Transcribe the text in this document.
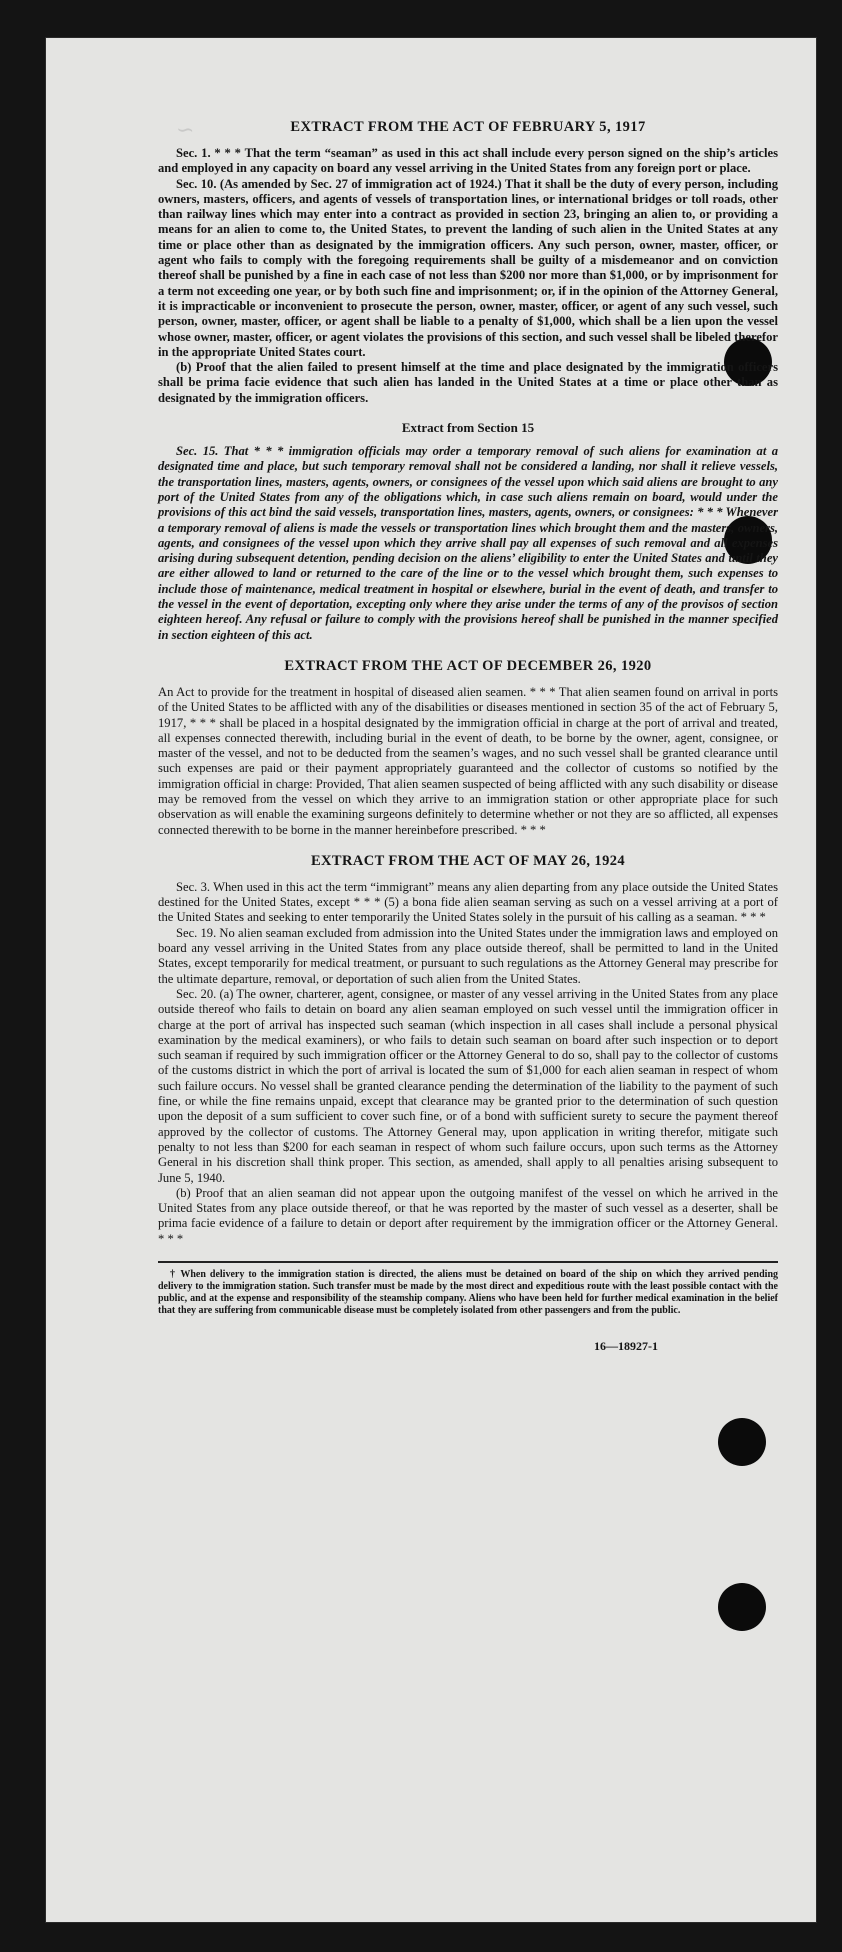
∽	EXTRACT FROM THE ACT OF FEBRUARY 5, 1917

Sec. 1. * * * That the term “seaman” as used in this act shall include every person signed on the ship’s articles and employed in any capacity on board any vessel arriving in the United States from any foreign port or place.

Sec. 10. (As amended by Sec. 27 of immigration act of 1924.) That it shall be the duty of every person, including owners, masters, officers, and agents of vessels of transportation lines, or international bridges or toll roads, other than railway lines which may enter into a contract as provided in section 23, bringing an alien to, or providing a means for an alien to come to, the United States, to prevent the landing of such alien in the United States at any time or place other than as designated by the immigration officers. Any such person, owner, master, officer, or agent who fails to comply with the foregoing requirements shall be guilty of a misdemeanor and on conviction thereof shall be punished by a fine in each case of not less than $200 nor more than $1,000, or by imprisonment for a term not exceeding one year, or by both such fine and imprisonment; or, if in the opinion of the Attorney General, it is impracticable or inconvenient to prosecute the person, owner, master, officer, or agent of any such vessel, such person, owner, master, officer, or agent shall be liable to a penalty of $1,000, which shall be a lien upon the vessel whose owner, master, officer, or agent violates the provisions of this section, and such vessel shall be libeled therefor in the appropriate United States court.

(b) Proof that the alien failed to present himself at the time and place designated by the immigration officers shall be prima facie evidence that such alien has landed in the United States at a time or place other than as designated by the immigration officers.

Extract from Section 15

Sec. 15. That * * * immigration officials may order a temporary removal of such aliens for examination at a designated time and place, but such temporary removal shall not be considered a landing, nor shall it relieve vessels, the transportation lines, masters, agents, owners, or consignees of the vessel upon which said aliens are brought to any port of the United States from any of the obligations which, in case such aliens remain on board, would under the provisions of this act bind the said vessels, transportation lines, masters, agents, owners, or consignees: * * * Whenever a temporary removal of aliens is made the vessels or transportation lines which brought them and the masters, owners, agents, and consignees of the vessel upon which they arrive shall pay all expenses of such removal and all expenses arising during subsequent detention, pending decision on the aliens’ eligibility to enter the United States and until they are either allowed to land or returned to the care of the line or to the vessel which brought them, such expenses to include those of maintenance, medical treatment in hospital or elsewhere, burial in the event of death, and transfer to the vessel in the event of deportation, excepting only where they arise under the terms of any of the provisos of section eighteen hereof. Any refusal or failure to comply with the provisions hereof shall be punished in the manner specified in section eighteen of this act.

EXTRACT FROM THE ACT OF DECEMBER 26, 1920

An Act to provide for the treatment in hospital of diseased alien seamen. * * * That alien seamen found on arrival in ports of the United States to be afflicted with any of the disabilities or diseases mentioned in section 35 of the act of February 5, 1917, * * * shall be placed in a hospital designated by the immigration official in charge at the port of arrival and treated, all expenses connected therewith, including burial in the event of death, to be borne by the owner, agent, consignee, or master of the vessel, and not to be deducted from the seamen’s wages, and no such vessel shall be granted clearance until such expenses are paid or their payment appropriately guaranteed and the collector of customs so notified by the immigration official in charge: Provided, That alien seamen suspected of being afflicted with any such disability or disease may be removed from the vessel on which they arrive to an immigration station or other appropriate place for such observation as will enable the examining surgeons definitely to determine whether or not they are so afflicted, all expenses connected therewith to be borne in the manner hereinbefore prescribed. * * *

EXTRACT FROM THE ACT OF MAY 26, 1924

Sec. 3. When used in this act the term “immigrant” means any alien departing from any place outside the United States destined for the United States, except * * * (5) a bona fide alien seaman serving as such on a vessel arriving at a port of the United States and seeking to enter temporarily the United States solely in the pursuit of his calling as a seaman. * * *

Sec. 19. No alien seaman excluded from admission into the United States under the immigration laws and employed on board any vessel arriving in the United States from any place outside thereof, shall be permitted to land in the United States, except temporarily for medical treatment, or pursuant to such regulations as the Attorney General may prescribe for the ultimate departure, removal, or deportation of such alien from the United States.

Sec. 20. (a) The owner, charterer, agent, consignee, or master of any vessel arriving in the United States from any place outside thereof who fails to detain on board any alien seaman employed on such vessel until the immigration officer in charge at the port of arrival has inspected such seaman (which inspection in all cases shall include a personal physical examination by the medical examiners), or who fails to detain such seaman on board after such inspection or to deport such seaman if required by such immigration officer or the Attorney General to do so, shall pay to the collector of customs of the customs district in which the port of arrival is located the sum of $1,000 for each alien seaman in respect of whom such failure occurs. No vessel shall be granted clearance pending the determination of the liability to the payment of such fine, or while the fine remains unpaid, except that clearance may be granted prior to the determination of such question upon the deposit of a sum sufficient to cover such fine, or of a bond with sufficient surety to secure the payment thereof approved by the collector of customs. The Attorney General may, upon application in writing therefor, mitigate such penalty to not less than $200 for each seaman in respect of whom such failure occurs, upon such terms as the Attorney General in his discretion shall think proper. This section, as amended, shall apply to all penalties arising subsequent to June 5, 1940.

(b) Proof that an alien seaman did not appear upon the outgoing manifest of the vessel on which he arrived in the United States from any place outside thereof, or that he was reported by the master of such vessel as a deserter, shall be prima facie evidence of a failure to detain or deport after requirement by the immigration officer or the Attorney General. * * *

† When delivery to the immigration station is directed, the aliens must be detained on board of the ship on which they arrived pending delivery to the immigration station. Such transfer must be made by the most direct and expeditious route with the least possible contact with the public, and at the expense and responsibility of the steamship company. Aliens who have been held for further medical examination in the belief that they are suffering from communicable disease must be completely isolated from other passengers and from the public.

16—18927-1
